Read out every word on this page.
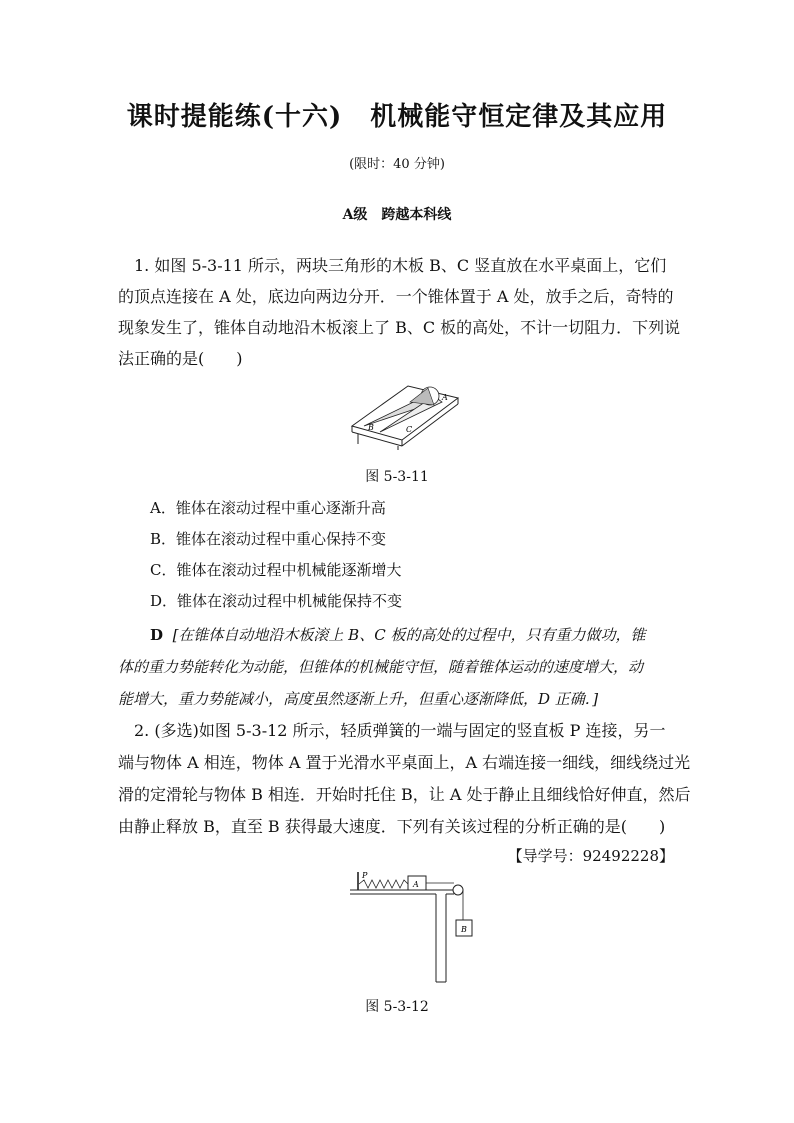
课时提能练(十六) 机械能守恒定律及其应用
(限时：40 分钟)
A级　跨越本科线
　1. 如图 5-3-11 所示，两块三角形的木板 B、C 竖直放在水平桌面上，它们
的顶点连接在 A 处，底边向两边分开．一个锥体置于 A 处，放手之后，奇特的
现象发生了，锥体自动地沿木板滚上了 B、C 板的高处，不计一切阻力．下列说
法正确的是(　　)
A
B	C
图 5-3-11
A．锥体在滚动过程中重心逐渐升高
B．锥体在滚动过程中重心保持不变
C．锥体在滚动过程中机械能逐渐增大
D．锥体在滚动过程中机械能保持不变
D [在锥体自动地沿木板滚上 B、C 板的高处的过程中，只有重力做功，锥
体的重力势能转化为动能，但锥体的机械能守恒，随着锥体运动的速度增大，动
能增大，重力势能减小，高度虽然逐渐上升，但重心逐渐降低，D 正确．]
　2. (多选)如图 5-3-12 所示，轻质弹簧的一端与固定的竖直板 P 连接，另一
端与物体 A 相连，物体 A 置于光滑水平桌面上，A 右端连接一细线，细线绕过光
滑的定滑轮与物体 B 相连．开始时托住 B，让 A 处于静止且细线恰好伸直，然后
由静止释放 B，直至 B 获得最大速度．下列有关该过程的分析正确的是(　　)
【导学号：92492228】
P
A
B
图 5-3-12
